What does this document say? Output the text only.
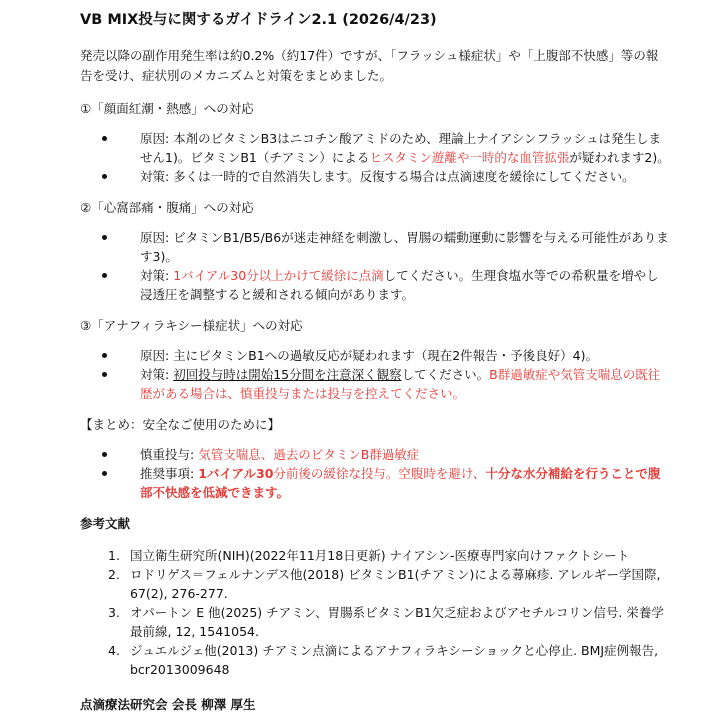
VB MIX投与に関するガイドライン2.1 (2026/4/23)
発売以降の副作用発生率は約0.2%（約17件）ですが、「フラッシュ様症状」や「上腹部不快感」等の報告を受け、症状別のメカニズムと対策をまとめました。
①「顔面紅潮・熱感」への対応
原因: 本剤のビタミンB3はニコチン酸アミドのため、理論上ナイアシンフラッシュは発生しません1)。ビタミンB1（チアミン）によるヒスタミン遊離や一時的な血管拡張が疑われます2)。
対策: 多くは一時的で自然消失します。反復する場合は点滴速度を緩徐にしてください。
②「心窩部痛・腹痛」への対応
原因: ビタミンB1/B5/B6が迷走神経を刺激し、胃腸の蠕動運動に影響を与える可能性があります3)。
対策: 1バイアル30分以上かけて緩徐に点滴してください。生理食塩水等での希釈量を増やし浸透圧を調整すると緩和される傾向があります。
③「アナフィラキシー様症状」への対応
原因: 主にビタミンB1への過敏反応が疑われます（現在2件報告・予後良好）4)。
対策: 初回投与時は開始15分間を注意深く観察してください。B群過敏症や気管支喘息の既往歴がある場合は、慎重投与または投与を控えてください。
【まとめ：安全なご使用のために】
慎重投与: 気管支喘息、過去のビタミンB群過敏症
推奨事項: 1バイアル30分前後の緩徐な投与。空腹時を避け、十分な水分補給を行うことで腹部不快感を低減できます。
参考文献
1. 国立衛生研究所(NIH)(2022年11月18日更新) ナイアシン-医療専門家向けファクトシート
2. ロドリゲス＝フェルナンデス他(2018) ビタミンB1(チアミン)による蕁麻疹. アレルギー学国際, 67(2), 276-277.
3. オパートン E 他(2025) チアミン、胃腸系ビタミンB1欠乏症およびアセチルコリン信号. 栄養学最前線, 12, 1541054.
4. ジュエルジェ他(2013) チアミン点滴によるアナフィラキシーショックと心停止. BMJ症例報告, bcr2013009648
点滴療法研究会 会長 柳澤 厚生
